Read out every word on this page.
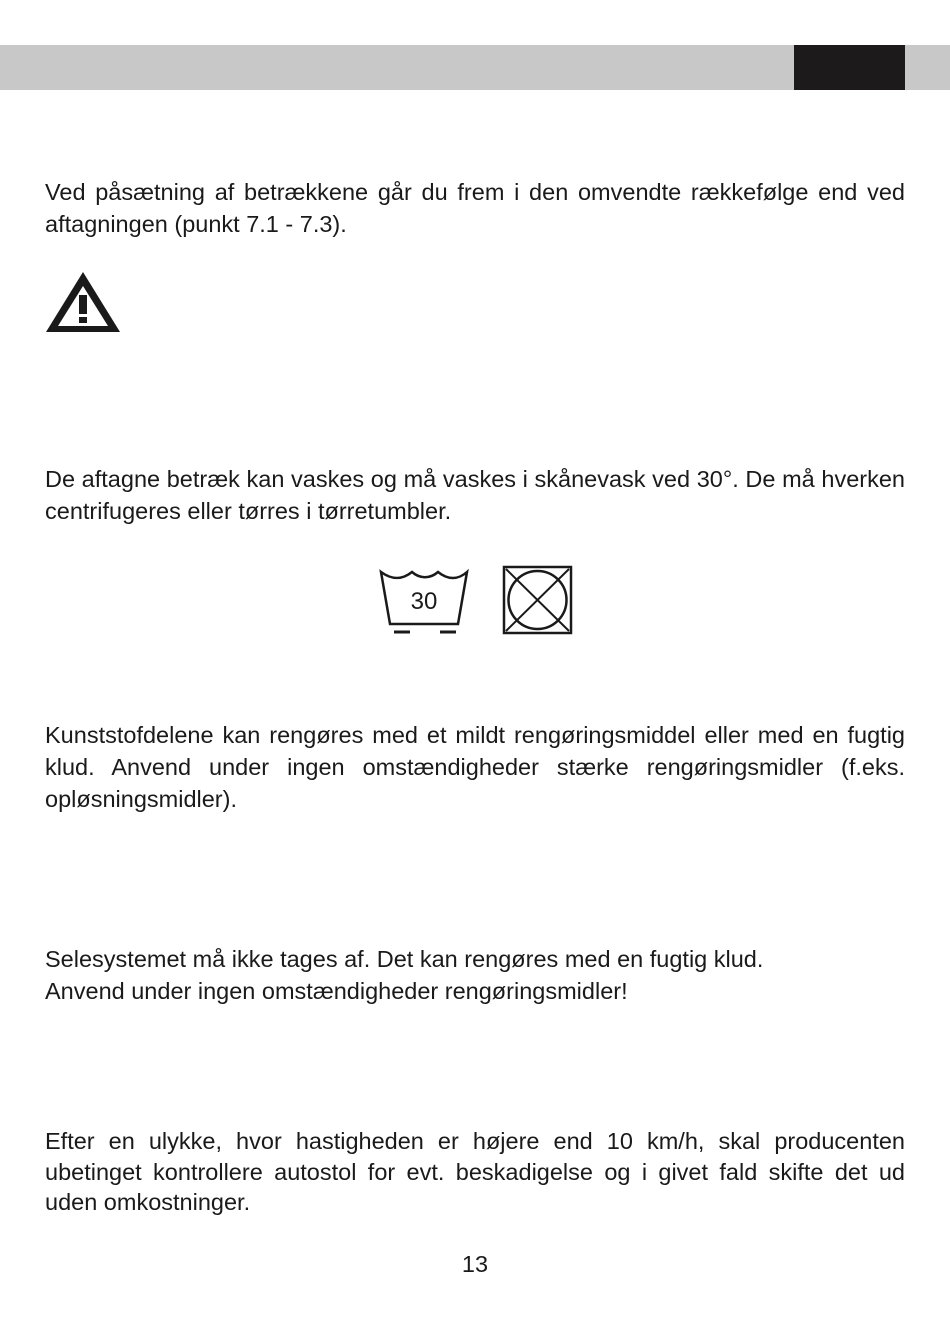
Ved påsætning af betrækkene går du frem i den omvendte rækkefølge end ved aftagningen (punkt 7.1 - 7.3).

De aftagne betræk kan vaskes og må vaskes i skånevask ved 30°. De må hverken centrifugeres eller tørres i tørretumbler.

30

Kunststofdelene kan rengøres med et mildt rengøringsmiddel eller med en fugtig klud. Anvend under ingen omstændigheder stærke rengøringsmidler (f.eks. opløsningsmidler).

Selesystemet må ikke tages af. Det kan rengøres med en fugtig klud.

Anvend under ingen omstændigheder rengøringsmidler!

Efter en ulykke, hvor hastigheden er højere end 10 km/h, skal producenten ubetinget kontrollere autostol for evt. beskadigelse og i givet fald skifte det ud uden omkostninger.

13
